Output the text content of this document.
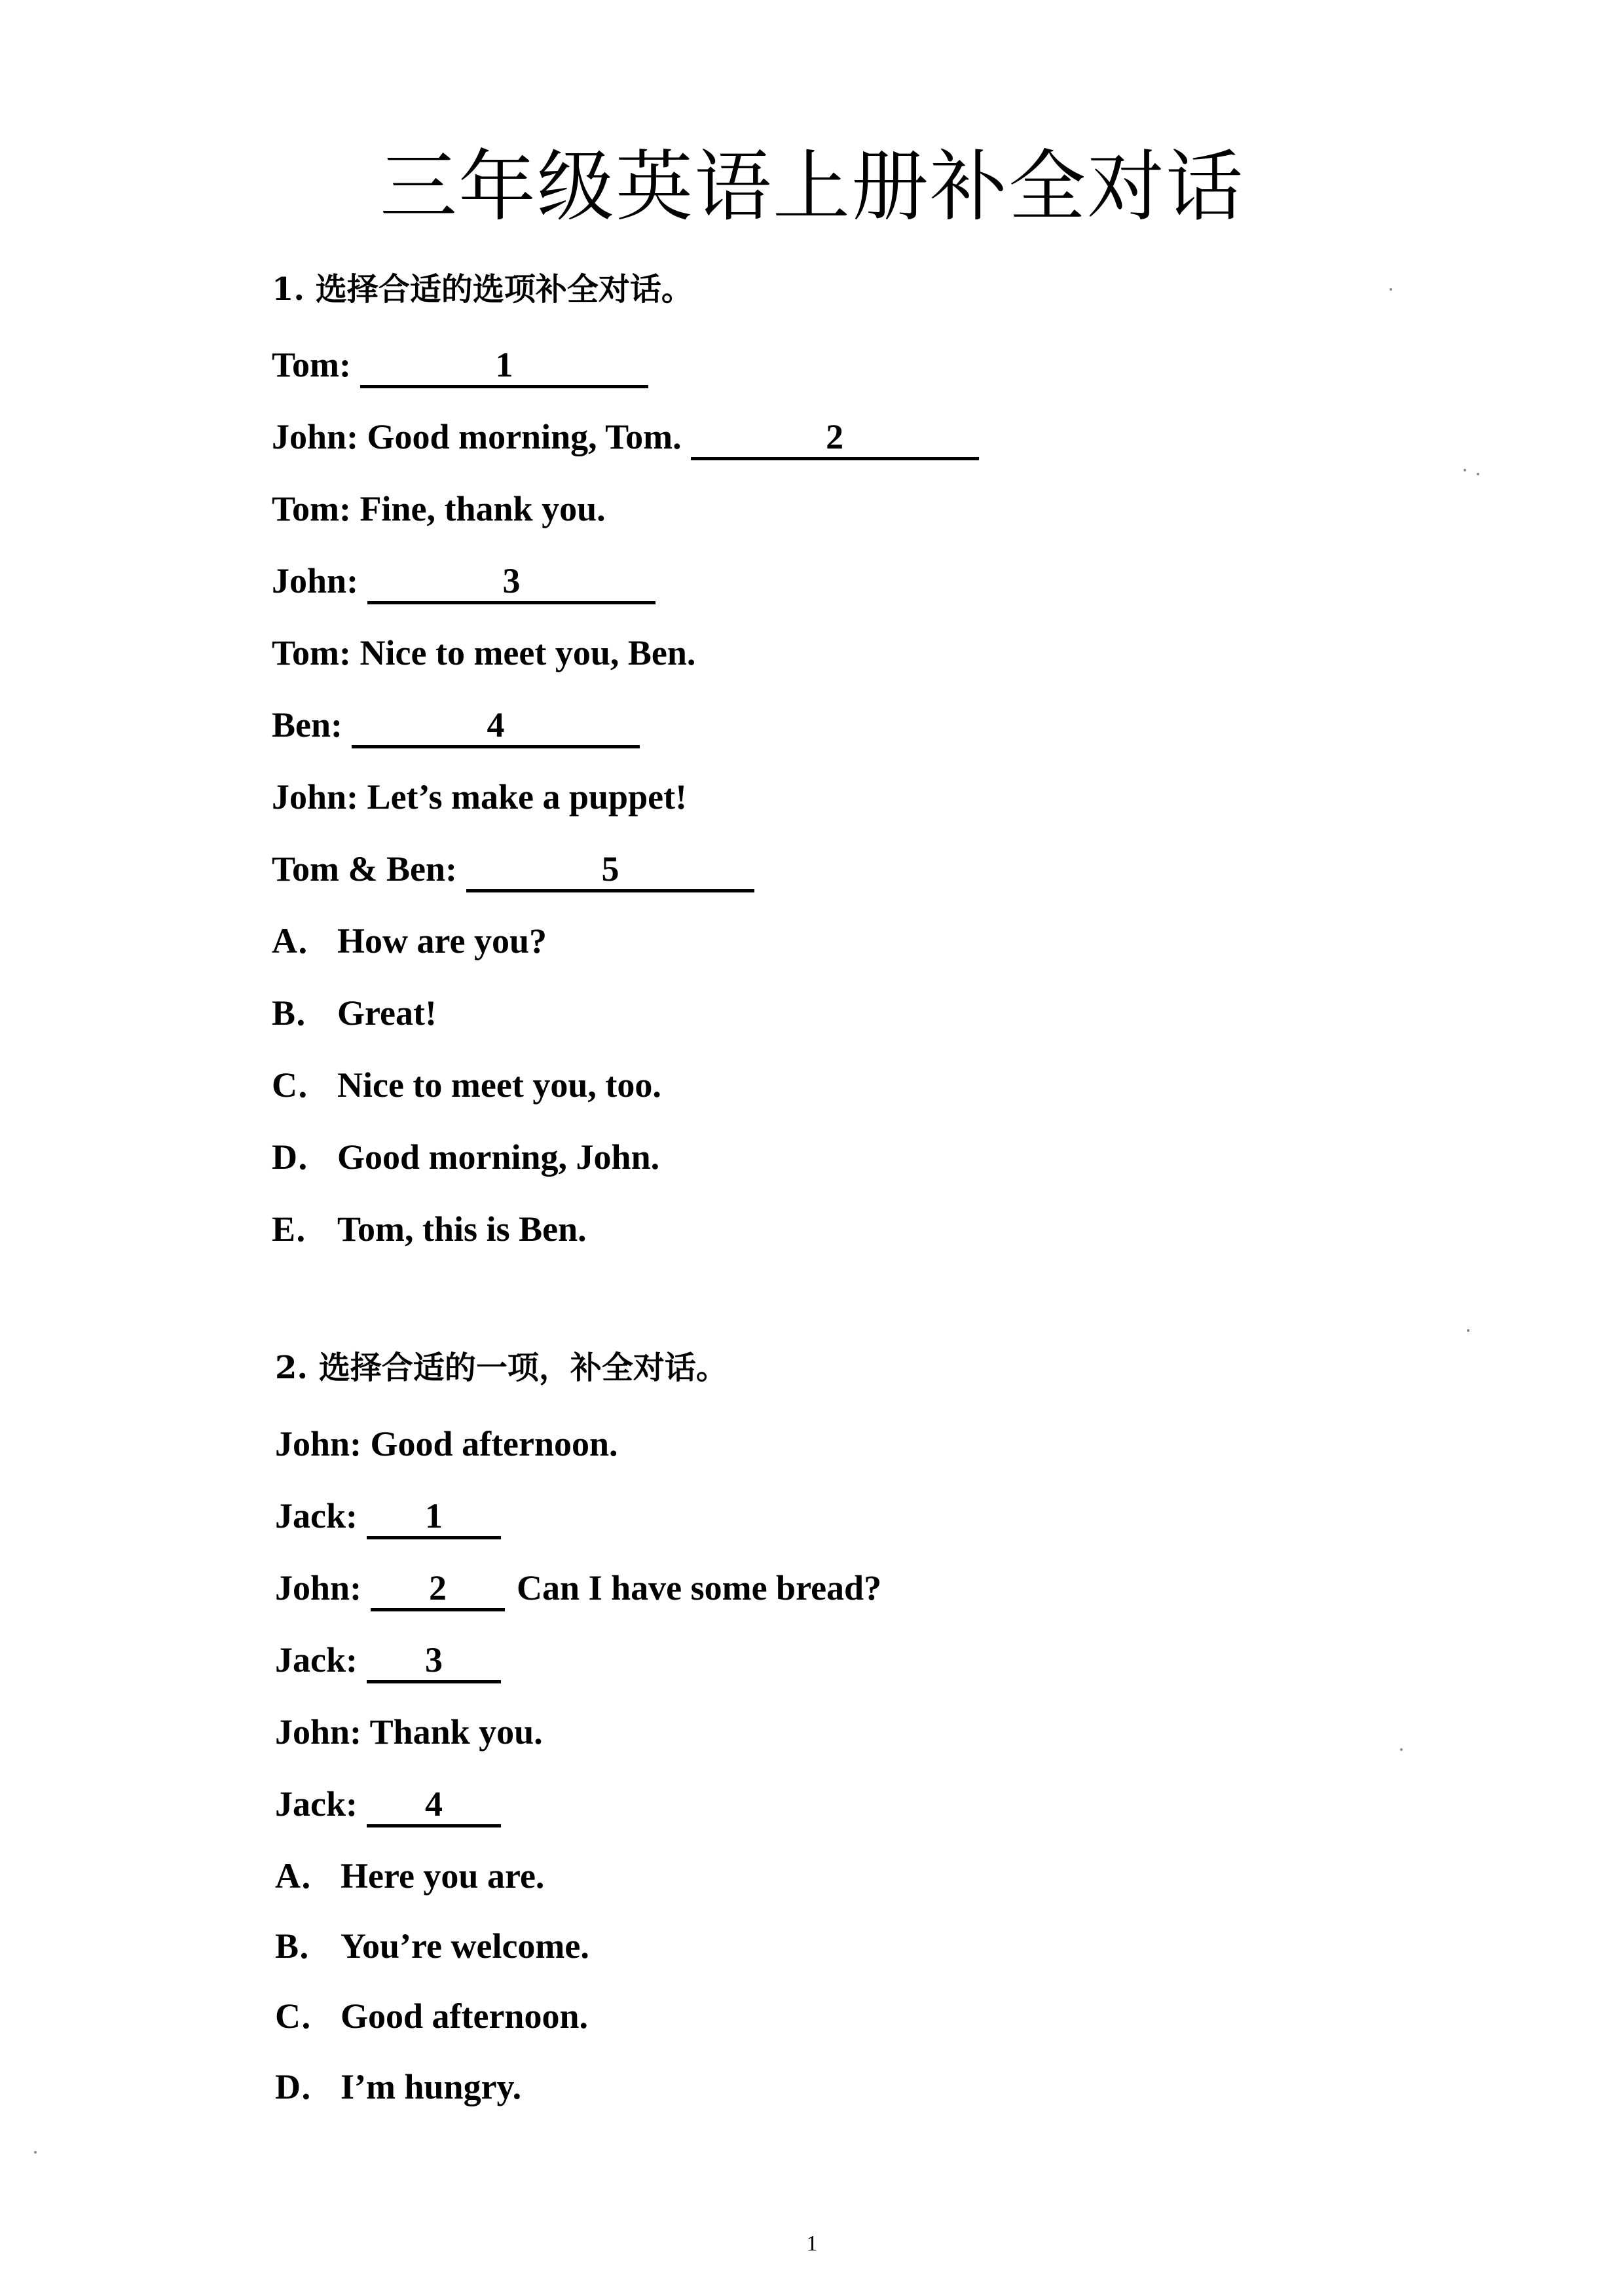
三年级英语上册补全对话
1. 选择合适的选项补全对话。
Tom:	1
John: Good morning, Tom.	2
Tom: Fine, thank you.
John:	3
Tom: Nice to meet you, Ben.
Ben:	4
John: Let’s make a puppet!
Tom & Ben:	5
A． How are you?
B． Great!
C． Nice to meet you, too.
D． Good morning, John.
E． Tom, this is Ben.
2. 选择合适的一项，补全对话。
John: Good afternoon.
Jack: 1
John: 2 Can I have some bread?
Jack: 3
John: Thank you.
Jack: 4
A． Here you are.
B． You’re welcome.
C． Good afternoon.
D． I’m hungry.
1
